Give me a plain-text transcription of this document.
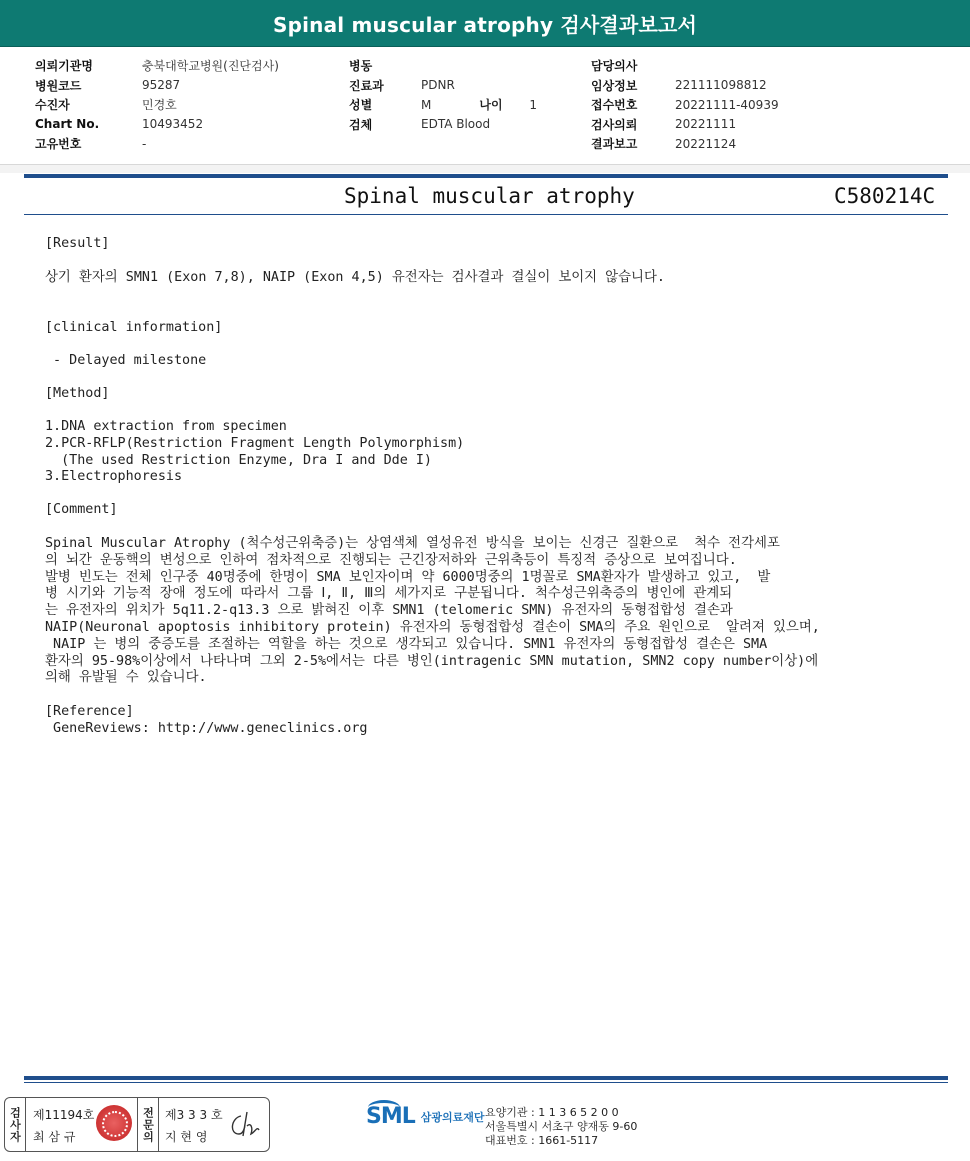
Spinal muscular atrophy 검사결과보고서
의뢰기관명	충북대학교병원(진단검사)
병원코드	95287
수진자	민경호
Chart No.	10493452
고유번호	-
병동
진료과	PDNR
성별	M	나이	1
검체	EDTA Blood
담당의사
임상정보	221111098812
접수번호	20221111-40939
검사의뢰	20221111
결과보고	20221124
Spinal muscular atrophy	C580214C
[Result]
상기 환자의 SMN1 (Exon 7,8), NAIP (Exon 4,5) 유전자는 검사결과 결실이 보이지 않습니다.
[clinical information]
- Delayed milestone
[Method]
1.DNA extraction from specimen
2.PCR-RFLP(Restriction Fragment Length Polymorphism)
(The used Restriction Enzyme, Dra I and Dde I)
3.Electrophoresis
[Comment]
Spinal Muscular Atrophy (척수성근위축증)는 상염색체 열성유전 방식을 보이는 신경근 질환으로  척수 전각세포
의 뇌간 운동핵의 변성으로 인하여 점차적으로 진행되는 근긴장저하와 근위축등이 특징적 증상으로 보여집니다.
발병 빈도는 전체 인구중 40명중에 한명이 SMA 보인자이며 약 6000명중의 1명꼴로 SMA환자가 발생하고 있고,  발
병 시기와 기능적 장애 정도에 따라서 그룹 Ⅰ, Ⅱ, Ⅲ의 세가지로 구분됩니다. 척수성근위축증의 병인에 관계되
는 유전자의 위치가 5q11.2-q13.3 으로 밝혀진 이후 SMN1 (telomeric SMN) 유전자의 동형접합성 결손과
NAIP(Neuronal apoptosis inhibitory protein) 유전자의 동형접합성 결손이 SMA의 주요 원인으로  알려져 있으며,
NAIP 는 병의 중증도를 조절하는 역할을 하는 것으로 생각되고 있습니다. SMN1 유전자의 동형접합성 결손은 SMA
환자의 95-98%이상에서 나타나며 그외 2-5%에서는 다른 병인(intragenic SMN mutation, SMN2 copy number이상)에
의해 유발될 수 있습니다.
[Reference]
GeneReviews: http://www.geneclinics.org
검사자 제11194호
최 삼 규	전문의 제3 3 3 호
지 현 영
SML 삼광의료재단 요양기관 : 1 1 3 6 5 2 0 0
서울특별시 서초구 양재동 9-60
대표번호 : 1661-5117
